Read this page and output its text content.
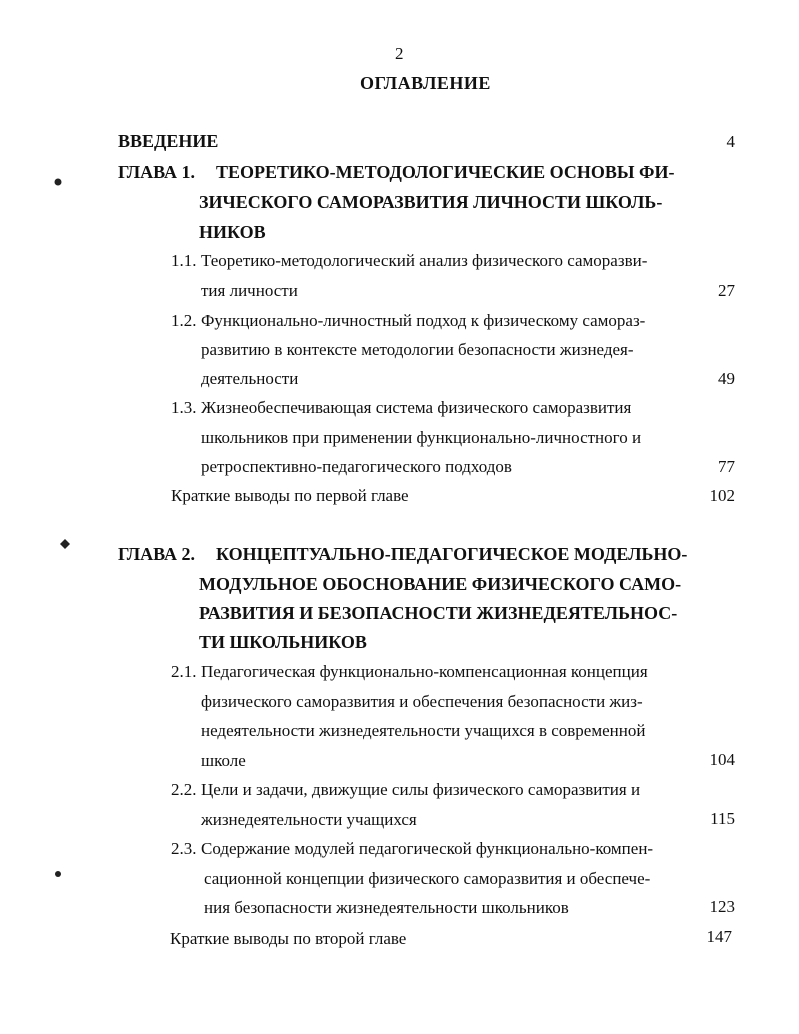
2
ОГЛАВЛЕНИЕ
ВВЕДЕНИЕ	4
ГЛАВА 1. ТЕОРЕТИКО-МЕТОДОЛОГИЧЕСКИЕ ОСНОВЫ ФИ-
ЗИЧЕСКОГО САМОРАЗВИТИЯ ЛИЧНОСТИ ШКОЛЬ-
НИКОВ
1.1. Теоретико-методологический анализ физического саморазви-
тия личности	27
1.2. Функционально-личностный подход к физическому самораз-
развитию в контексте методологии безопасности жизнедея-
деятельности	49
1.3. Жизнеобеспечивающая система физического саморазвития
школьников при применении функционально-личностного и
ретроспективно-педагогического подходов	77
Краткие выводы по первой главе	102
ГЛАВА 2. КОНЦЕПТУАЛЬНО-ПЕДАГОГИЧЕСКОЕ МОДЕЛЬНО-
МОДУЛЬНОЕ ОБОСНОВАНИЕ ФИЗИЧЕСКОГО САМО-
РАЗВИТИЯ И БЕЗОПАСНОСТИ ЖИЗНЕДЕЯТЕЛЬНОС-
ТИ ШКОЛЬНИКОВ
2.1. Педагогическая функционально-компенсационная концепция
физического саморазвития и обеспечения безопасности жиз-
недеятельности жизнедеятельности учащихся в современной
школе	104
2.2. Цели и задачи, движущие силы физического саморазвития и
жизнедеятельности учащихся	115
2.3. Содержание модулей педагогической функционально-компен-
сационной концепции физического саморазвития и обеспече-
ния безопасности жизнедеятельности школьников	123
Краткие выводы по второй главе	147
